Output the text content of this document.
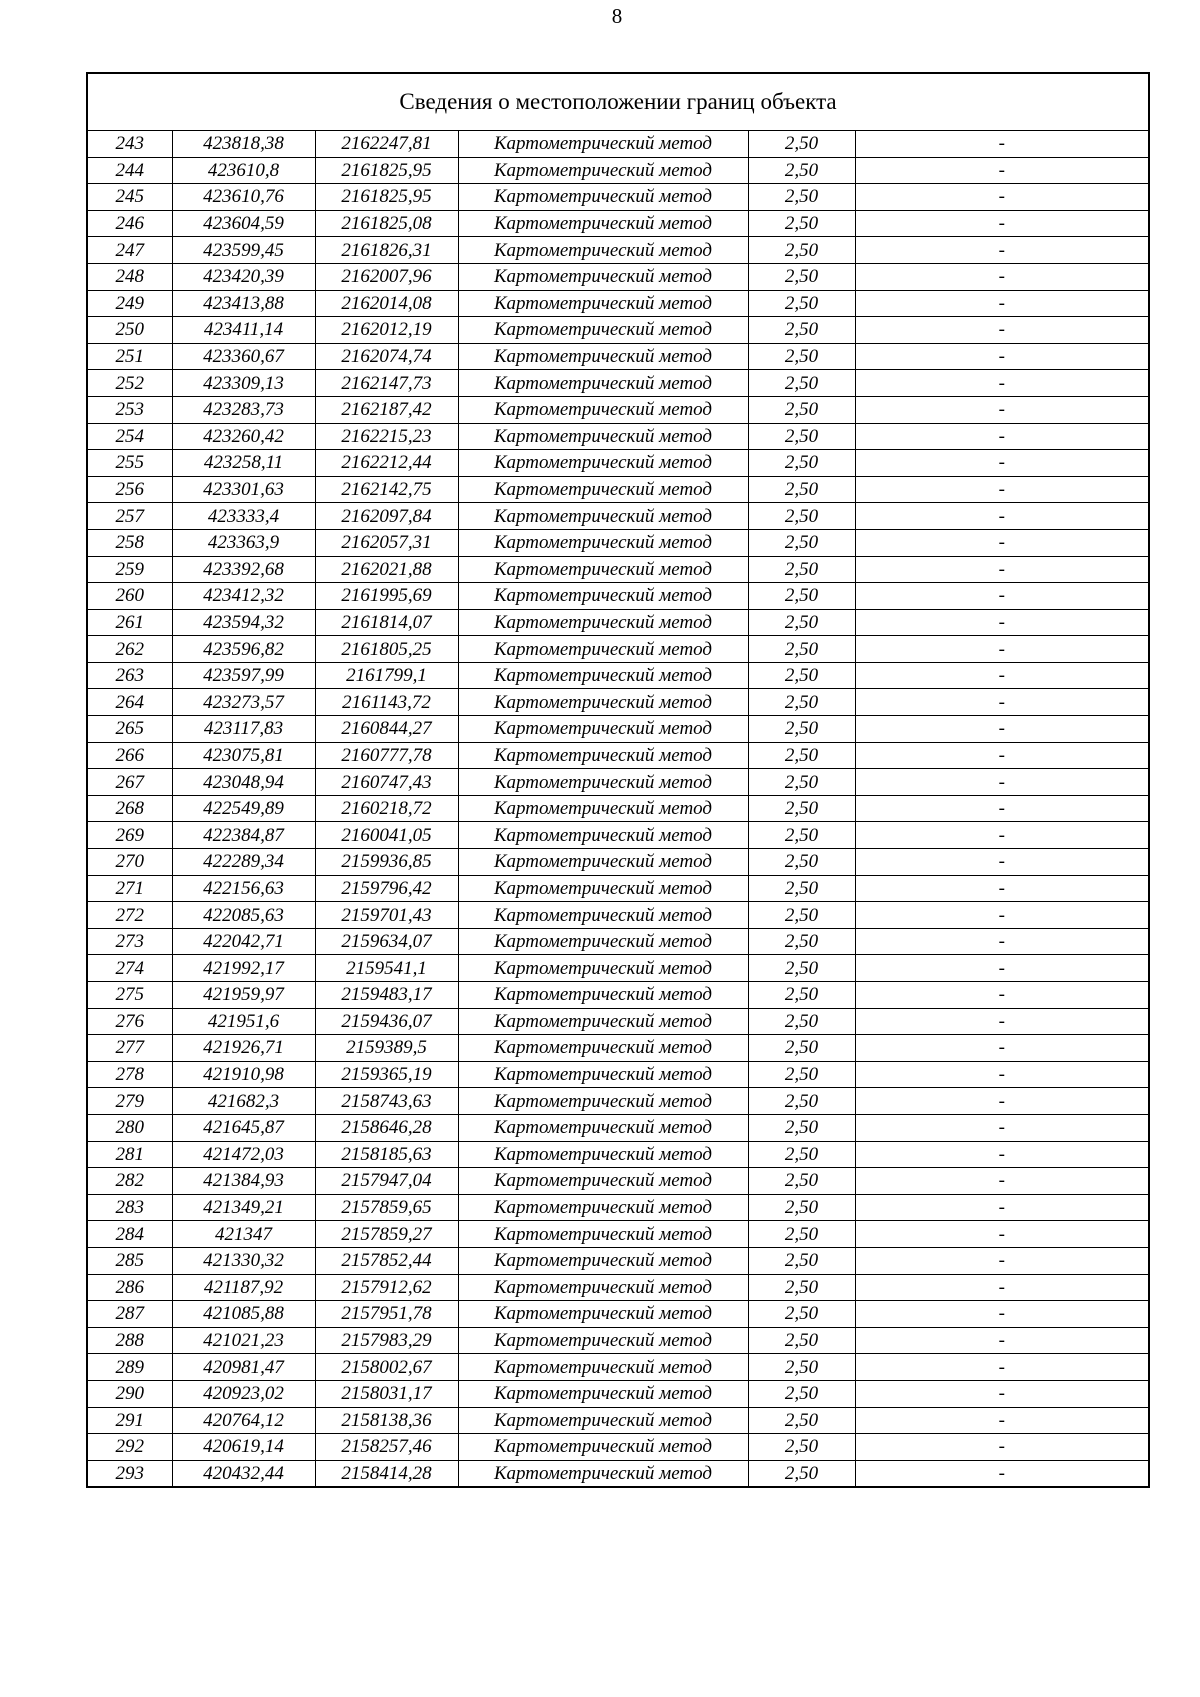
8
Сведения о местоположении границ объекта					
243	423818,38	2162247,81	Картометрический метод	2,50	-
244	423610,8	2161825,95	Картометрический метод	2,50	-
245	423610,76	2161825,95	Картометрический метод	2,50	-
246	423604,59	2161825,08	Картометрический метод	2,50	-
247	423599,45	2161826,31	Картометрический метод	2,50	-
248	423420,39	2162007,96	Картометрический метод	2,50	-
249	423413,88	2162014,08	Картометрический метод	2,50	-
250	423411,14	2162012,19	Картометрический метод	2,50	-
251	423360,67	2162074,74	Картометрический метод	2,50	-
252	423309,13	2162147,73	Картометрический метод	2,50	-
253	423283,73	2162187,42	Картометрический метод	2,50	-
254	423260,42	2162215,23	Картометрический метод	2,50	-
255	423258,11	2162212,44	Картометрический метод	2,50	-
256	423301,63	2162142,75	Картометрический метод	2,50	-
257	423333,4	2162097,84	Картометрический метод	2,50	-
258	423363,9	2162057,31	Картометрический метод	2,50	-
259	423392,68	2162021,88	Картометрический метод	2,50	-
260	423412,32	2161995,69	Картометрический метод	2,50	-
261	423594,32	2161814,07	Картометрический метод	2,50	-
262	423596,82	2161805,25	Картометрический метод	2,50	-
263	423597,99	2161799,1	Картометрический метод	2,50	-
264	423273,57	2161143,72	Картометрический метод	2,50	-
265	423117,83	2160844,27	Картометрический метод	2,50	-
266	423075,81	2160777,78	Картометрический метод	2,50	-
267	423048,94	2160747,43	Картометрический метод	2,50	-
268	422549,89	2160218,72	Картометрический метод	2,50	-
269	422384,87	2160041,05	Картометрический метод	2,50	-
270	422289,34	2159936,85	Картометрический метод	2,50	-
271	422156,63	2159796,42	Картометрический метод	2,50	-
272	422085,63	2159701,43	Картометрический метод	2,50	-
273	422042,71	2159634,07	Картометрический метод	2,50	-
274	421992,17	2159541,1	Картометрический метод	2,50	-
275	421959,97	2159483,17	Картометрический метод	2,50	-
276	421951,6	2159436,07	Картометрический метод	2,50	-
277	421926,71	2159389,5	Картометрический метод	2,50	-
278	421910,98	2159365,19	Картометрический метод	2,50	-
279	421682,3	2158743,63	Картометрический метод	2,50	-
280	421645,87	2158646,28	Картометрический метод	2,50	-
281	421472,03	2158185,63	Картометрический метод	2,50	-
282	421384,93	2157947,04	Картометрический метод	2,50	-
283	421349,21	2157859,65	Картометрический метод	2,50	-
284	421347	2157859,27	Картометрический метод	2,50	-
285	421330,32	2157852,44	Картометрический метод	2,50	-
286	421187,92	2157912,62	Картометрический метод	2,50	-
287	421085,88	2157951,78	Картометрический метод	2,50	-
288	421021,23	2157983,29	Картометрический метод	2,50	-
289	420981,47	2158002,67	Картометрический метод	2,50	-
290	420923,02	2158031,17	Картометрический метод	2,50	-
291	420764,12	2158138,36	Картометрический метод	2,50	-
292	420619,14	2158257,46	Картометрический метод	2,50	-
293	420432,44	2158414,28	Картометрический метод	2,50	-
